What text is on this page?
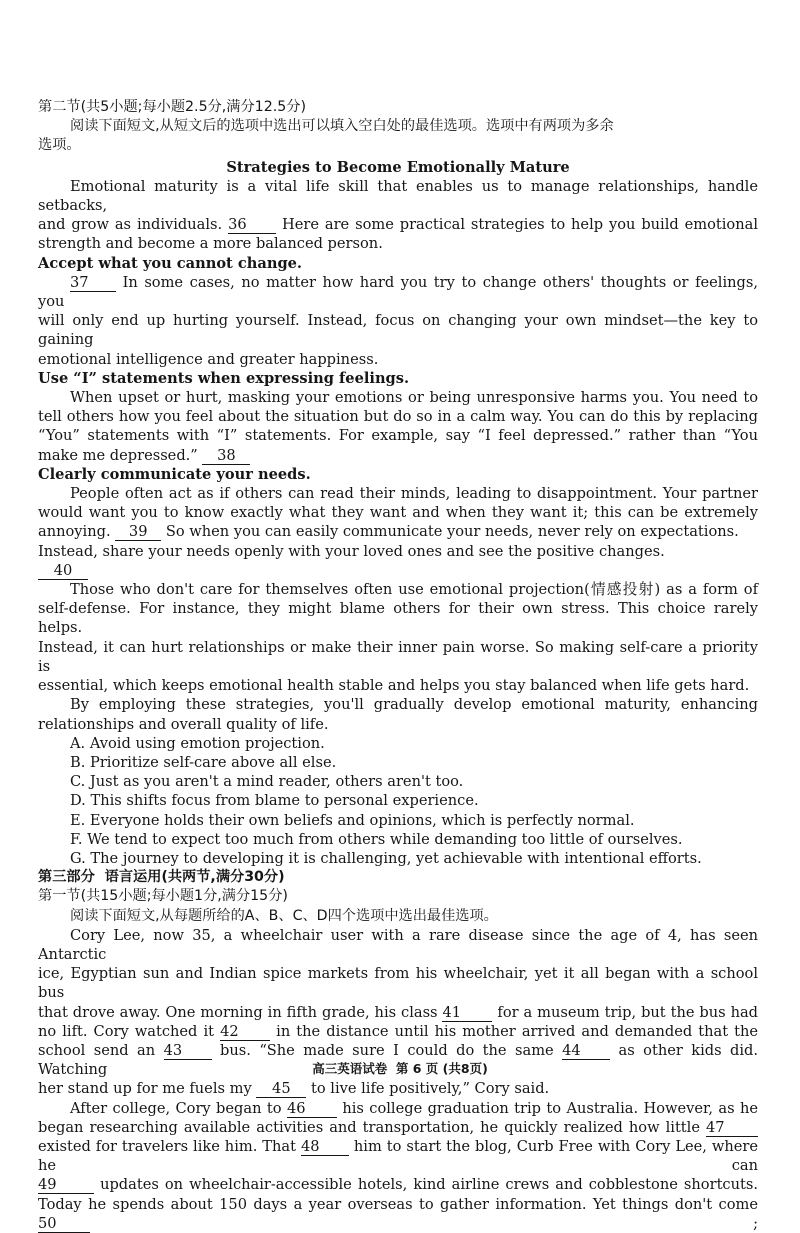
第二节(共5小题;每小题2.5分,满分12.5分)
阅读下面短文,从短文后的选项中选出可以填入空白处的最佳选项。选项中有两项为多余
选项。
Strategies to Become Emotionally Mature
Emotional maturity is a vital life skill that enables us to manage relationships, handle setbacks,
and grow as individuals. 36 Here are some practical strategies to help you build emotional
strength and become a more balanced person.
Accept what you cannot change.
37 In some cases, no matter how hard you try to change others' thoughts or feelings, you
will only end up hurting yourself. Instead, focus on changing your own mindset—the key to gaining
emotional intelligence and greater happiness.
Use “I” statements when expressing feelings.
When upset or hurt, masking your emotions or being unresponsive harms you. You need to
tell others how you feel about the situation but do so in a calm way. You can do this by replacing
“You” statements with “I” statements. For example, say “I feel depressed.” rather than “You
make me depressed.” 38
Clearly communicate your needs.
People often act as if others can read their minds, leading to disappointment. Your partner
would want you to know exactly what they want and when they want it; this can be extremely
annoying. 39 So when you can easily communicate your needs, never rely on expectations.
Instead, share your needs openly with your loved ones and see the positive changes.
40
Those who don't care for themselves often use emotional projection(情感投射) as a form of
self-defense. For instance, they might blame others for their own stress. This choice rarely helps.
Instead, it can hurt relationships or make their inner pain worse. So making self-care a priority is
essential, which keeps emotional health stable and helps you stay balanced when life gets hard.
By employing these strategies, you'll gradually develop emotional maturity, enhancing
relationships and overall quality of life.
A. Avoid using emotion projection.
B. Prioritize self-care above all else.
C. Just as you aren't a mind reader, others aren't too.
D. This shifts focus from blame to personal experience.
E. Everyone holds their own beliefs and opinions, which is perfectly normal.
F. We tend to expect too much from others while demanding too little of ourselves.
G. The journey to developing it is challenging, yet achievable with intentional efforts.
第三部分  语言运用(共两节,满分30分)
第一节(共15小题;每小题1分,满分15分)
阅读下面短文,从每题所给的A、B、C、D四个选项中选出最佳选项。
Cory Lee, now 35, a wheelchair user with a rare disease since the age of 4, has seen Antarctic
ice, Egyptian sun and Indian spice markets from his wheelchair, yet it all began with a school bus
that drove away. One morning in fifth grade, his class 41 for a museum trip, but the bus had
no lift. Cory watched it 42	in the distance until his mother arrived and demanded that the
school send an 43	bus. “She made sure I could do the same 44	as other kids did. Watching
her stand up for me fuels my 45 to live life positively,” Cory said.
After college, Cory began to 46	his college graduation trip to Australia. However, as he
began researching available activities and transportation, he quickly realized how little 47
existed for travelers like him. That 48 him to start the blog, Curb Free with Cory Lee, where he can
49	updates on wheelchair-accessible hotels, kind airline crews and cobblestone shortcuts.
Today he spends about 150 days a year overseas to gather information. Yet things don't come 50	;
高三英语试卷  第 6 页 (共8页)
